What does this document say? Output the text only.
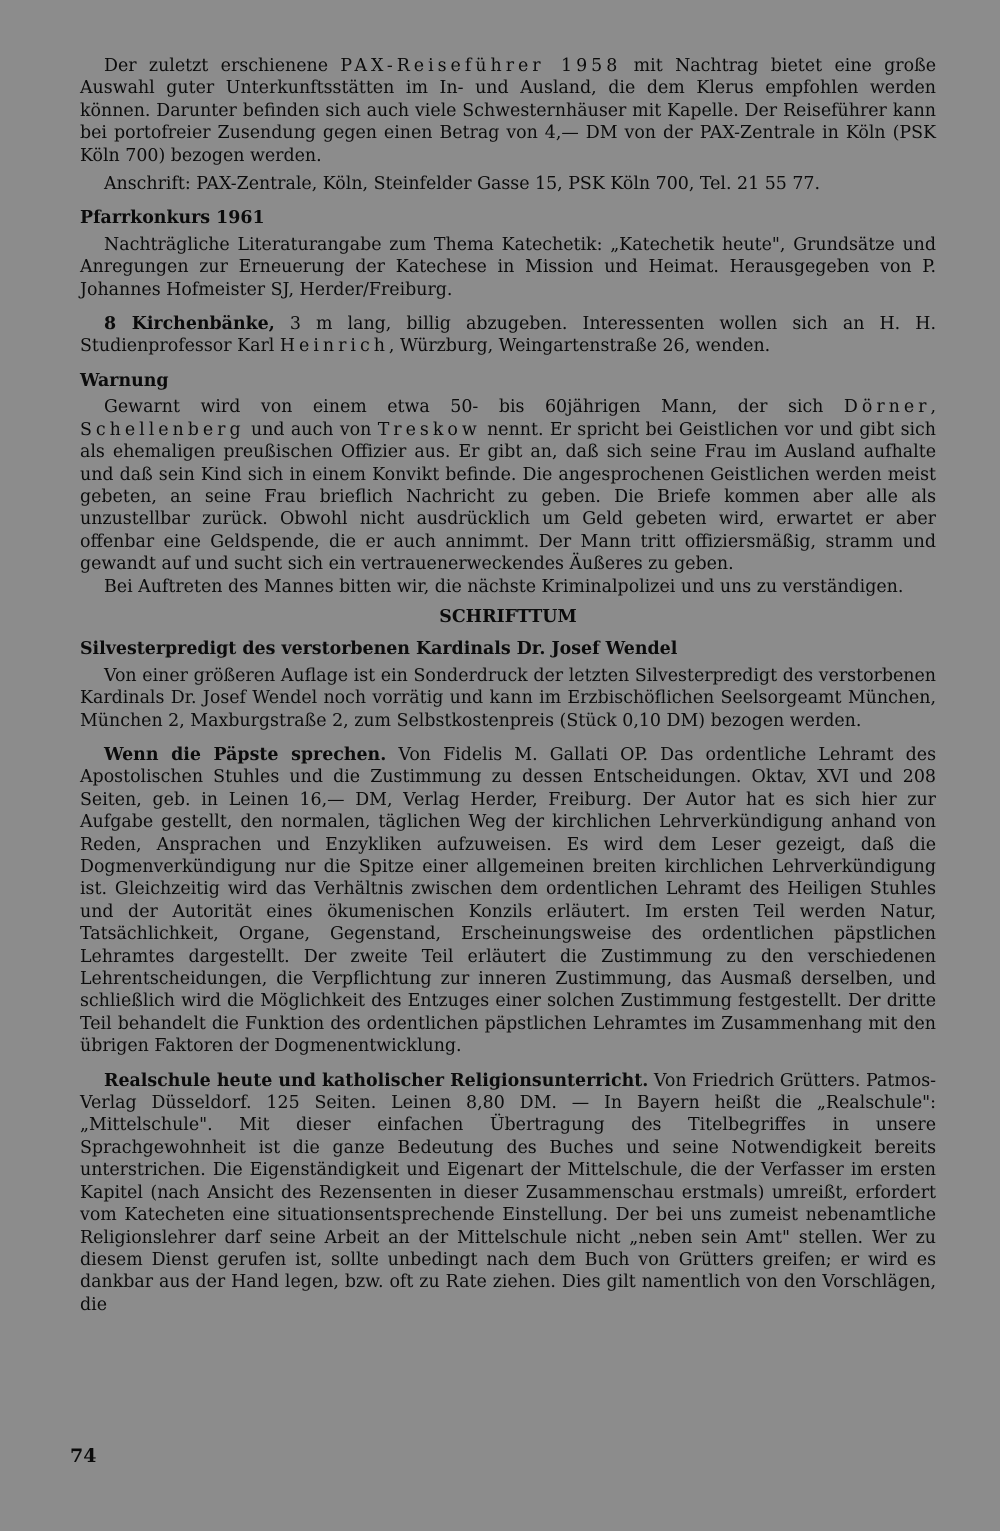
Der zuletzt erschienene PAX-Reiseführer 1958 mit Nachtrag bietet eine große Auswahl guter Unterkunftsstätten im In- und Ausland, die dem Klerus empfohlen werden können. Darunter befinden sich auch viele Schwesternhäuser mit Kapelle. Der Reiseführer kann bei portofreier Zusendung gegen einen Betrag von 4,— DM von der PAX-Zentrale in Köln (PSK Köln 700) bezogen werden.

Anschrift: PAX-Zentrale, Köln, Steinfelder Gasse 15, PSK Köln 700, Tel. 21 55 77.

Pfarrkonkurs 1961

Nachträgliche Literaturangabe zum Thema Katechetik: „Katechetik heute", Grundsätze und Anregungen zur Erneuerung der Katechese in Mission und Heimat. Herausgegeben von P. Johannes Hofmeister SJ, Herder/Freiburg.

8 Kirchenbänke, 3 m lang, billig abzugeben. Interessenten wollen sich an H. H. Studienprofessor Karl Heinrich, Würzburg, Weingartenstraße 26, wenden.

Warnung

Gewarnt wird von einem etwa 50- bis 60jährigen Mann, der sich Dörner, Schellenberg und auch von Treskow nennt. Er spricht bei Geistlichen vor und gibt sich als ehemaligen preußischen Offizier aus. Er gibt an, daß sich seine Frau im Ausland aufhalte und daß sein Kind sich in einem Konvikt befinde. Die angesprochenen Geistlichen werden meist gebeten, an seine Frau brieflich Nachricht zu geben. Die Briefe kommen aber alle als unzustellbar zurück. Obwohl nicht ausdrücklich um Geld gebeten wird, erwartet er aber offenbar eine Geldspende, die er auch annimmt. Der Mann tritt offiziersmäßig, stramm und gewandt auf und sucht sich ein vertrauenerweckendes Äußeres zu geben.

Bei Auftreten des Mannes bitten wir, die nächste Kriminalpolizei und uns zu verständigen.

SCHRIFTTUM
Silvesterpredigt des verstorbenen Kardinals Dr. Josef Wendel

Von einer größeren Auflage ist ein Sonderdruck der letzten Silvesterpredigt des verstorbenen Kardinals Dr. Josef Wendel noch vorrätig und kann im Erzbischöflichen Seelsorgeamt München, München 2, Maxburgstraße 2, zum Selbstkostenpreis (Stück 0,10 DM) bezogen werden.

Wenn die Päpste sprechen. Von Fidelis M. Gallati OP. Das ordentliche Lehramt des Apostolischen Stuhles und die Zustimmung zu dessen Entscheidungen. Oktav, XVI und 208 Seiten, geb. in Leinen 16,— DM, Verlag Herder, Freiburg. Der Autor hat es sich hier zur Aufgabe gestellt, den normalen, täglichen Weg der kirchlichen Lehrverkündigung anhand von Reden, Ansprachen und Enzykliken aufzuweisen. Es wird dem Leser gezeigt, daß die Dogmenverkündigung nur die Spitze einer allgemeinen breiten kirchlichen Lehrverkündigung ist. Gleichzeitig wird das Verhältnis zwischen dem ordentlichen Lehramt des Heiligen Stuhles und der Autorität eines ökumenischen Konzils erläutert. Im ersten Teil werden Natur, Tatsächlichkeit, Organe, Gegenstand, Erscheinungsweise des ordentlichen päpstlichen Lehramtes dargestellt. Der zweite Teil erläutert die Zustimmung zu den verschiedenen Lehrentscheidungen, die Verpflichtung zur inneren Zustimmung, das Ausmaß derselben, und schließlich wird die Möglichkeit des Entzuges einer solchen Zustimmung festgestellt. Der dritte Teil behandelt die Funktion des ordentlichen päpstlichen Lehramtes im Zusammenhang mit den übrigen Faktoren der Dogmenentwicklung.

Realschule heute und katholischer Religionsunterricht. Von Friedrich Grütters. Patmos-Verlag Düsseldorf. 125 Seiten. Leinen 8,80 DM. — In Bayern heißt die „Realschule": „Mittelschule". Mit dieser einfachen Übertragung des Titelbegriffes in unsere Sprachgewohnheit ist die ganze Bedeutung des Buches und seine Notwendigkeit bereits unterstrichen. Die Eigenständigkeit und Eigenart der Mittelschule, die der Verfasser im ersten Kapitel (nach Ansicht des Rezensenten in dieser Zusammenschau erstmals) umreißt, erfordert vom Katecheten eine situationsentsprechende Einstellung. Der bei uns zumeist nebenamtliche Religionslehrer darf seine Arbeit an der Mittelschule nicht „neben sein Amt" stellen. Wer zu diesem Dienst gerufen ist, sollte unbedingt nach dem Buch von Grütters greifen; er wird es dankbar aus der Hand legen, bzw. oft zu Rate ziehen. Dies gilt namentlich von den Vorschlägen, die

74
